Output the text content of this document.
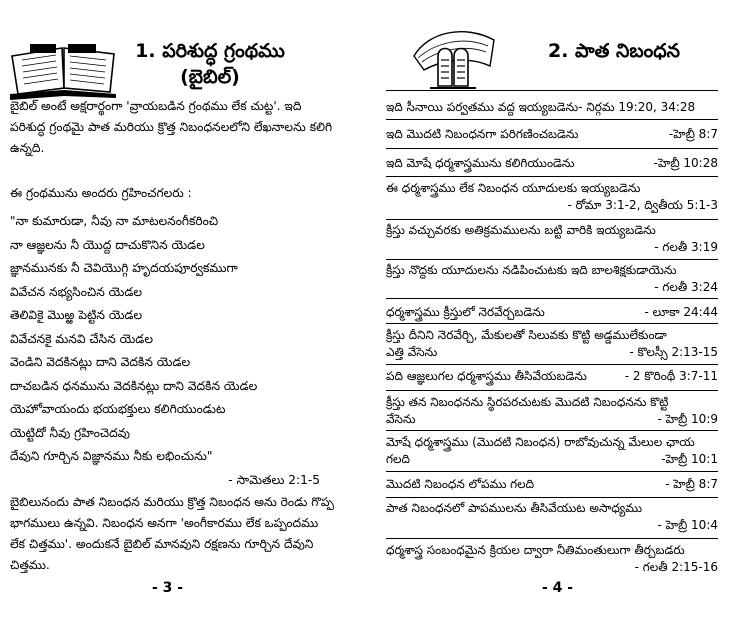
1. పరిశుద్ధ గ్రంథము
(బైబిల్)
బైబిల్ అంటే అక్షరార్థంగా 'వ్రాయబడిన గ్రంథము లేక చుట్ట'. ఇది పరిశుద్ధ గ్రంథమై పాత మరియు క్రొత్త నిబంధనలలోని లేఖనాలను కలిగి ఉన్నది.
ఈ గ్రంథమును అందరు గ్రహించగలరు :
"నా కుమారుడా, నీవు నా మాటలనంగీకరించి
నా ఆజ్ఞలను నీ యొద్ద దాచుకొనిన యెడల
జ్ఞానమునకు నీ చెవియొగ్గి హృదయపూర్వకముగా
వివేచన నభ్యసించిన యెడల
తెలివికై మొఱ్ఱ పెట్టిన యెడల
వివేచనకై మనవి చేసిన యెడల
వెండిని వెదకినట్లు దాని వెదకిన యెడల
దాచబడిన ధనమును వెదకినట్లు దాని వెదకిన యెడల
యెహోవాయందు భయభక్తులు కలిగియుండుట
యెట్టిదో నీవు గ్రహించెదవు
దేవుని గూర్చిన విజ్ఞానము నీకు లభించును"
- సామెతలు 2:1-5
బైబిలునందు పాత నిబంధన మరియు క్రొత్త నిబంధన అను రెండు గొప్ప భాగములు ఉన్నవి. నిబంధన అనగా 'అంగీకారము లేక ఒప్పందము లేక చిత్తము'. అందుకనే బైబిల్ మానవుని రక్షణను గూర్చిన దేవుని చిత్తము.
- 3 -
2. పాత నిబంధన
ఇది సీనాయి పర్వతము వద్ద ఇయ్యబడెను- నిర్గమ 19:20, 34:28
ఇది మొదటి నిబంధనగా పరిగణించబడెను	-హెబ్రీ 8:7
ఇది మోషే ధర్మశాస్త్రమును కలిగియుండెను	-హెబ్రీ 10:28
ఈ ధర్మశాస్త్రము లేక నిబంధన యూదులకు ఇయ్యబడెను
- రోమా 3:1-2, ద్వితీయ 5:1-3
క్రీస్తు వచ్చువరకు అతిక్రమములను బట్టి వారికి ఇయ్యబడెను
- గలతీ 3:19
క్రీస్తు నొద్దకు యూదులను నడిపించుటకు ఇది బాలశిక్షకుడాయెను
- గలతీ 3:24
ధర్మశాస్త్రము క్రీస్తులో నెరవేర్చబడెను	- లూకా 24:44
క్రీస్తు దీనిని నెరవేర్చి, మేకులతో సిలువకు కొట్టి అడ్డములేకుండా ఎత్తి వేసెను	- కొలస్సీ 2:13-15
పది ఆజ్ఞలుగల ధర్మశాస్త్రము తీసివేయబడెను	- 2 కొరింథీ 3:7-11
క్రీస్తు తన నిబంధనను స్థిరపరచుటకు మొదటి నిబంధనను కొట్టి వేసెను	- హెబ్రీ 10:9
మోషే ధర్మశాస్త్రము (మొదటి నిబంధన) రాబోవుచున్న మేలుల ఛాయ గలది	-హెబ్రీ 10:1
మొదటి నిబంధన లోపము గలది	- హెబ్రీ 8:7
పాత నిబంధనలో పాపములను తీసివేయుట అసాధ్యము
- హెబ్రీ 10:4
ధర్మశాస్త్ర సంబంధమైన క్రియల ద్వారా నీతిమంతులుగా తీర్చబడరు
- గలతీ 2:15-16
- 4 -
